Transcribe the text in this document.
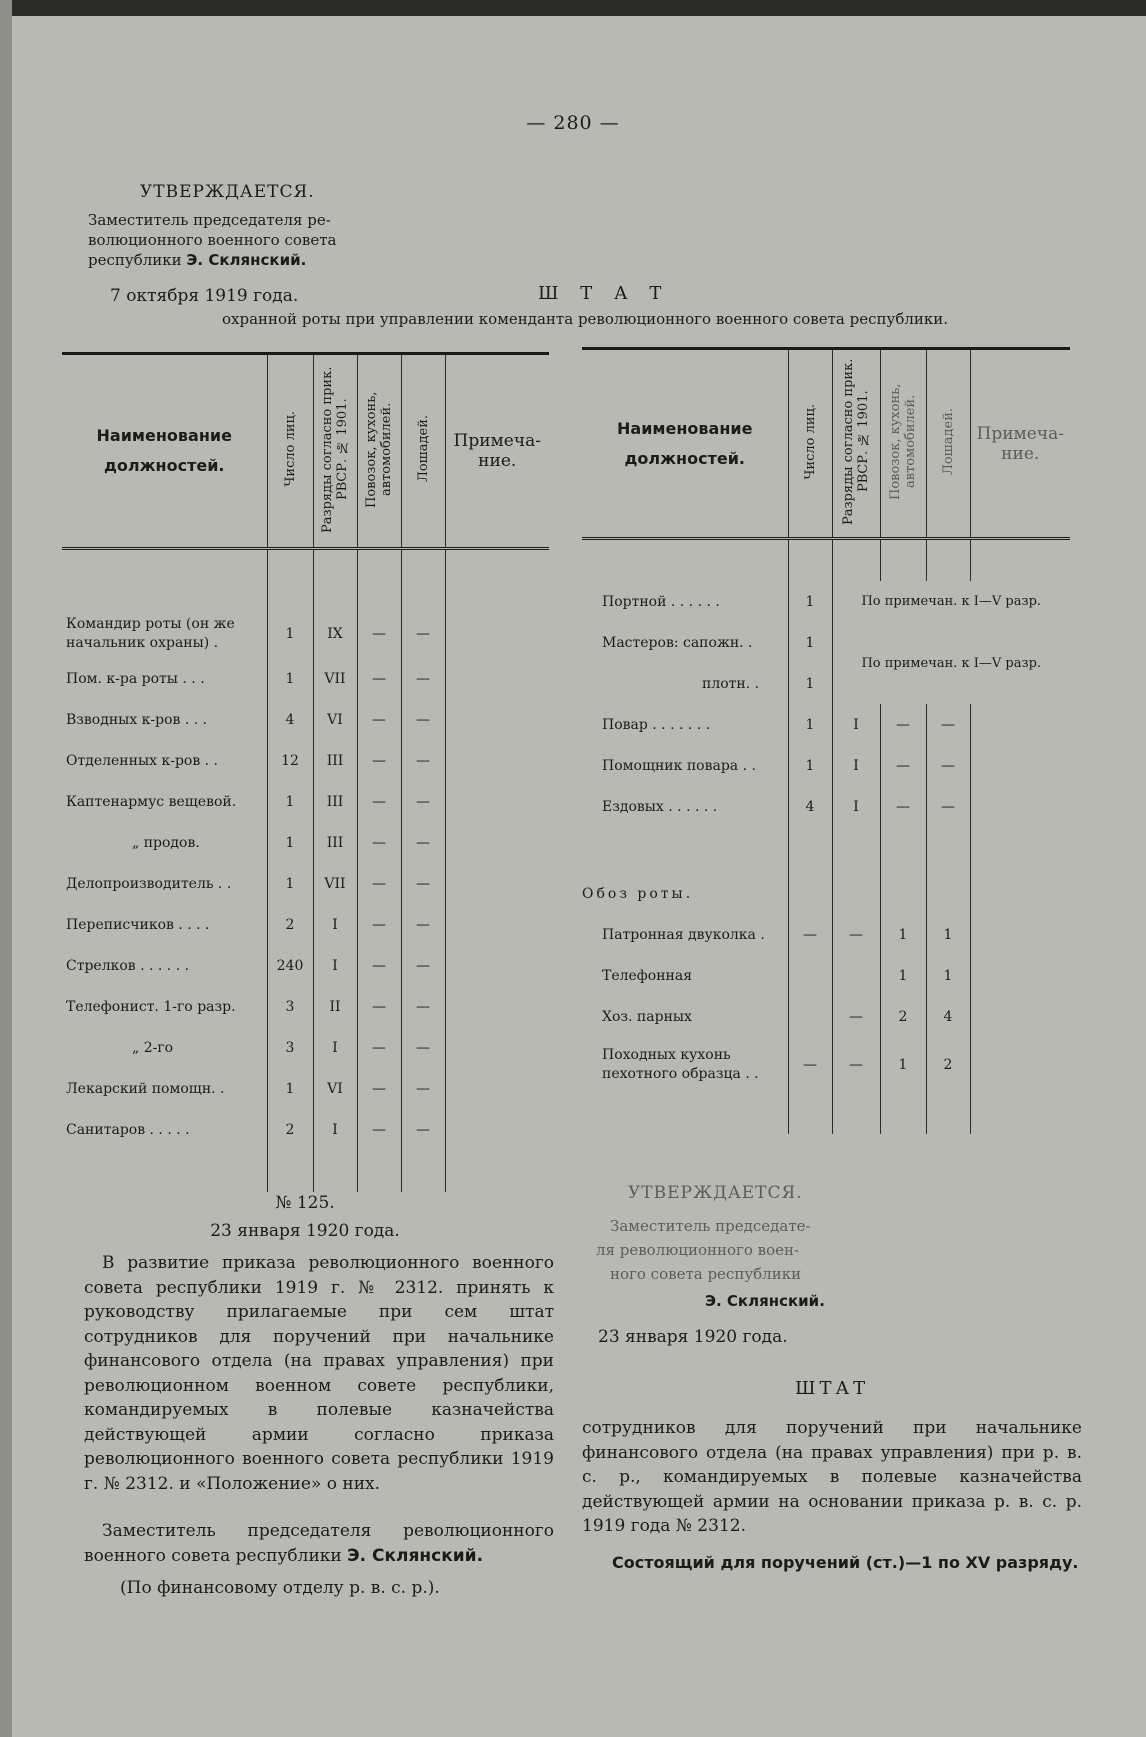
— 280 —
УТВЕРЖДАЕТСЯ.
Заместитель председателя ре-
волюционного военного совета
республики Э. Склянский.
7 октября 1919 года.	Ш Т А Т
охранной роты при управлении коменданта революционного военного совета республики.
Наименование должностей.	Число лиц.	Разряды согласно прик. РВСР. № 1901.	Повозок, кухонь, автомобилей.	Лошадей.	Примеча-ние.

Командир роты (он же начальник охраны) .	1	IX	—	—	
Пом. к-ра роты . . .	1	VII	—	—	
Взводных к-ров . . .	4	VI	—	—	
Отделенных к-ров . .	12	III	—	—	
Каптенармус вещевой.	1	III	—	—	
„ продов.	1	III	—	—	
Делопроизводитель . .	1	VII	—	—	
Переписчиков . . . .	2	I	—	—	
Стрелков . . . . . .	240	I	—	—	
Телефонист. 1-го разр.	3	II	—	—	
„ 2-го	3	I	—	—	
Лекарский помощн. .	1	VI	—	—	
Санитаров . . . . .	2	I	—	—	

Наименование должностей.	Число лиц.	Разряды согласно прик. РВСР. № 1901.	Повозок, кухонь, автомобилей.	Лошадей.	Примеча-ние.

Портной . . . . . .	1	По примечан. к I—V разр.			
Мастеров: сапожн. .	1	По примечан. к I—V разр.			
плотн. .	1				
Повар . . . . . . .	1	I	—	—	
Помощник повара . .	1	I	—	—	
Ездовых . . . . . .	4	I	—	—	

Обоз роты.					
Патронная двуколка .	—	—	1	1	
Телефонная			1	1	
Хоз. парных		—	2	4	
Походных кухонь пехотного образца . .	—	—	1	2	

№ 125.
23 января 1920 года.
В развитие приказа революционного военного совета республики 1919 г. № 2312. принять к руководству прилагаемые при сем штат сотрудников для поручений при начальнике финансового отдела (на правах управления) при революционном военном совете республики, командируемых в полевые казначейства действующей армии согласно приказа революционного военного совета республики 1919 г. № 2312. и «Положение» о них.
Заместитель председателя революционного военного совета республики Э. Склянский.
(По финансовому отделу р. в. с. р.).
УТВЕРЖДАЕТСЯ.
Заместитель председате-
ля революционного воен-
ного совета республики
Э. Склянский.
23 января 1920 года.
ШТАТ
сотрудников для поручений при начальнике финансового отдела (на правах управления) при р. в. с. р., командируемых в полевые казначейства действующей армии на основании приказа р. в. с. р. 1919 года № 2312.
Состоящий для поручений (ст.)—1 по XV разряду.
